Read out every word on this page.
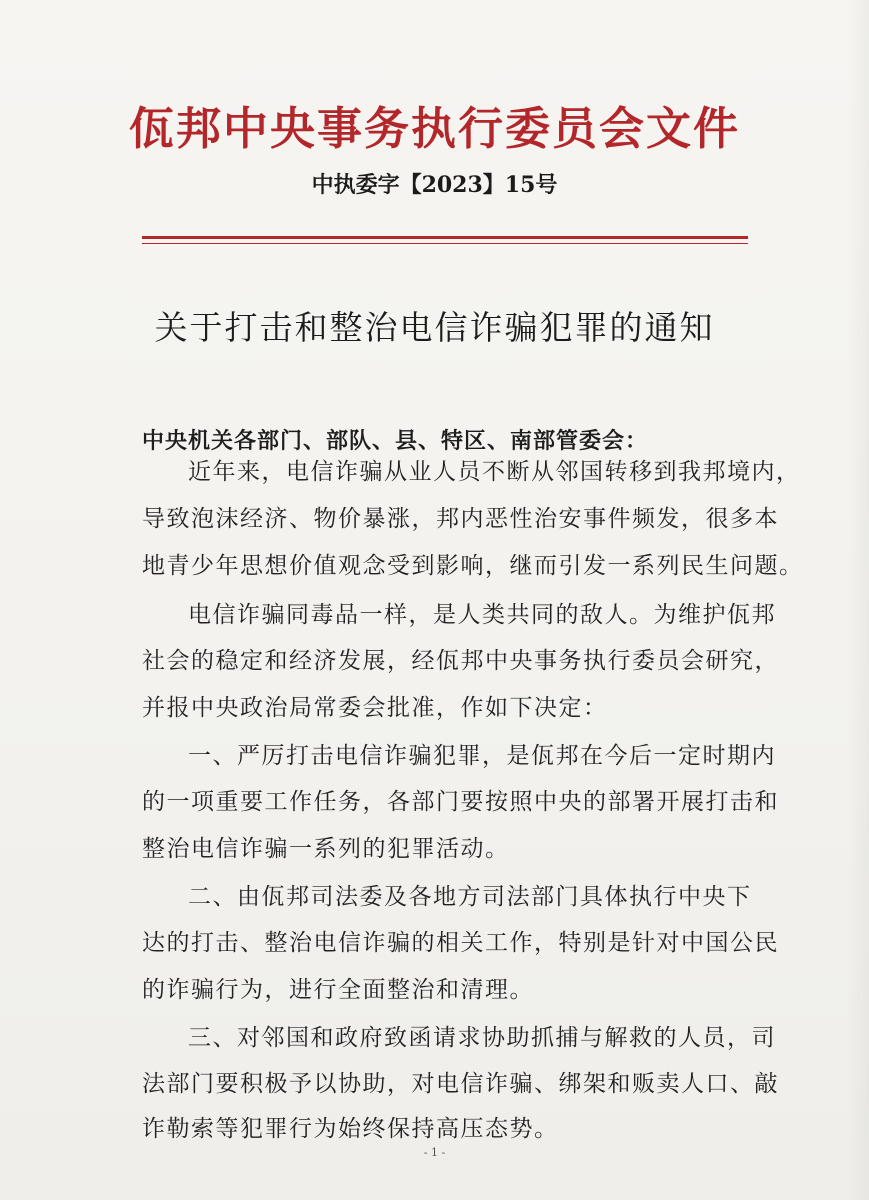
佤邦中央事务执行委员会文件
中执委字【2023】15号
关于打击和整治电信诈骗犯罪的通知
中央机关各部门、部队、县、特区、南部管委会：
近年来，电信诈骗从业人员不断从邻国转移到我邦境内，
导致泡沫经济、物价暴涨，邦内恶性治安事件频发，很多本
地青少年思想价值观念受到影响，继而引发一系列民生问题。
电信诈骗同毒品一样，是人类共同的敌人。为维护佤邦
社会的稳定和经济发展，经佤邦中央事务执行委员会研究，
并报中央政治局常委会批准，作如下决定：
一、严厉打击电信诈骗犯罪，是佤邦在今后一定时期内
的一项重要工作任务，各部门要按照中央的部署开展打击和
整治电信诈骗一系列的犯罪活动。
二、由佤邦司法委及各地方司法部门具体执行中央下
达的打击、整治电信诈骗的相关工作，特别是针对中国公民
的诈骗行为，进行全面整治和清理。
三、对邻国和政府致函请求协助抓捕与解救的人员，司
法部门要积极予以协助，对电信诈骗、绑架和贩卖人口、敲
诈勒索等犯罪行为始终保持高压态势。
- 1 -
